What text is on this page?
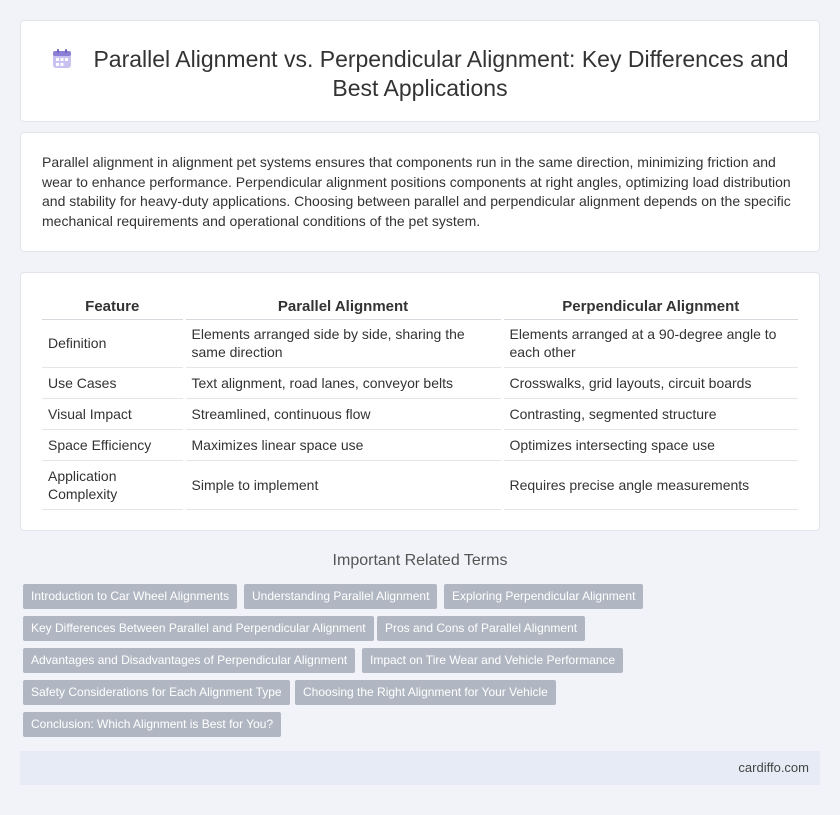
Parallel Alignment vs. Perpendicular Alignment: Key Differences and Best Applications

Parallel alignment in alignment pet systems ensures that components run in the same direction, minimizing friction and wear to enhance performance. Perpendicular alignment positions components at right angles, optimizing load distribution and stability for heavy-duty applications. Choosing between parallel and perpendicular alignment depends on the specific mechanical requirements and operational conditions of the pet system.

Feature	Parallel Alignment	Perpendicular Alignment
Definition	Elements arranged side by side, sharing the same direction	Elements arranged at a 90-degree angle to each other
Use Cases	Text alignment, road lanes, conveyor belts	Crosswalks, grid layouts, circuit boards
Visual Impact	Streamlined, continuous flow	Contrasting, segmented structure
Space Efficiency	Maximizes linear space use	Optimizes intersecting space use
Application Complexity	Simple to implement	Requires precise angle measurements
Important Related Terms
Introduction to Car Wheel Alignments	Understanding Parallel Alignment	Exploring Perpendicular Alignment
Key Differences Between Parallel and Perpendicular Alignment	Pros and Cons of Parallel Alignment
Advantages and Disadvantages of Perpendicular Alignment	Impact on Tire Wear and Vehicle Performance
Safety Considerations for Each Alignment Type	Choosing the Right Alignment for Your Vehicle
Conclusion: Which Alignment is Best for You?
cardiffo.com
